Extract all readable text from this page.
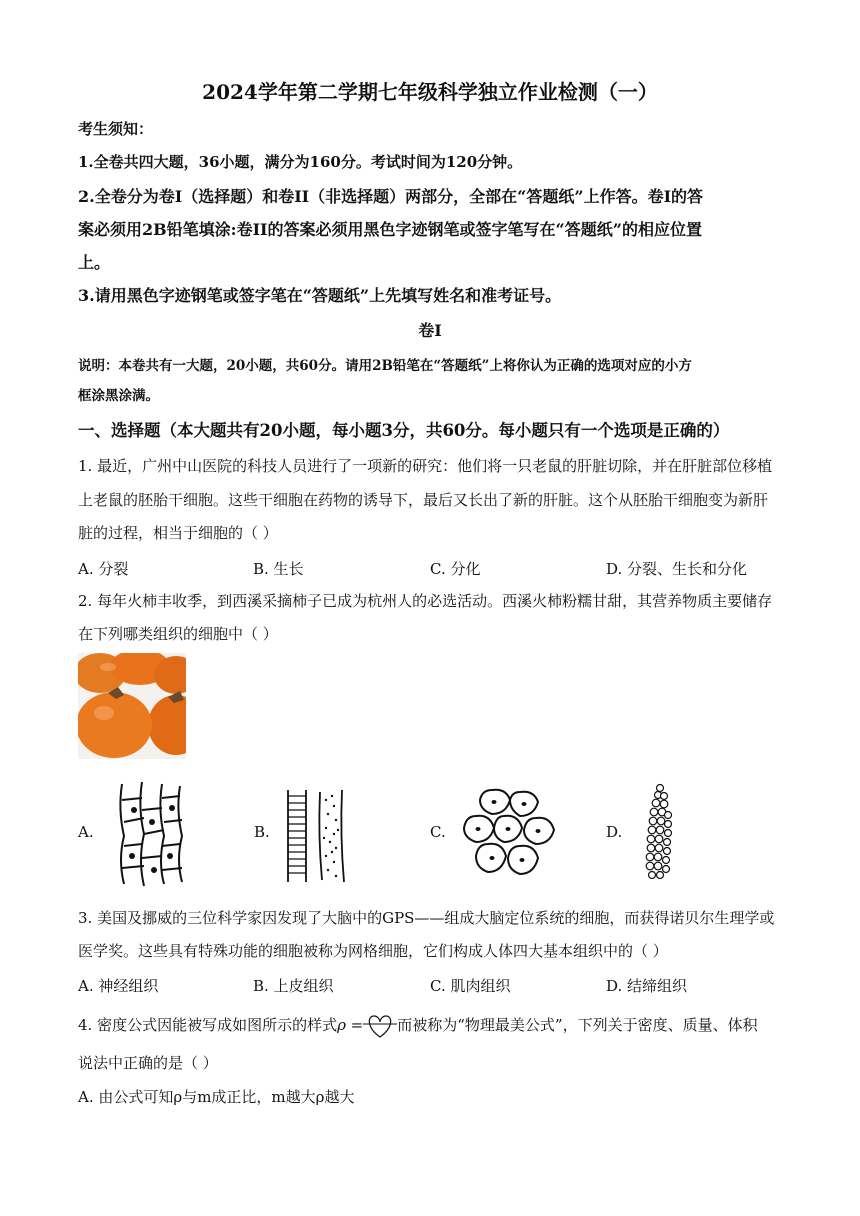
2024学年第二学期七年级科学独立作业检测（一）
考生须知：
1.全卷共四大题，36小题，满分为160分。考试时间为120分钟。
2.全卷分为卷I（选择题）和卷II（非选择题）两部分，全部在“答题纸”上作答。卷I的答
案必须用2B铅笔填涂:卷II的答案必须用黑色字迹钢笔或签字笔写在“答题纸”的相应位置
上。
3.请用黑色字迹钢笔或签字笔在“答题纸”上先填写姓名和准考证号。
卷I
说明：本卷共有一大题，20小题，共60分。请用2B铅笔在“答题纸”上将你认为正确的选项对应的小方
框涂黑涂满。
一、选择题（本大题共有20小题，每小题3分，共60分。每小题只有一个选项是正确的）
1. 最近，广州中山医院的科技人员进行了一项新的研究：他们将一只老鼠的肝脏切除，并在肝脏部位移植
上老鼠的胚胎干细胞。这些干细胞在药物的诱导下，最后又长出了新的肝脏。这个从胚胎干细胞变为新肝
脏的过程，相当于细胞的（ ）
A. 分裂	B. 生长	C. 分化	D. 分裂、生长和分化
2. 每年火柿丰收季，到西溪采摘柿子已成为杭州人的必选活动。西溪火柿粉糯甘甜，其营养物质主要储存
在下列哪类组织的细胞中（ ）
A.	B.	C.	D.
3. 美国及挪威的三位科学家因发现了大脑中的GPS——组成大脑定位系统的细胞，而获得诺贝尔生理学或
医学奖。这些具有特殊功能的细胞被称为网格细胞，它们构成人体四大基本组织中的（ ）
A. 神经组织	B. 上皮组织	C. 肌肉组织	D. 结缔组织
4. 密度公式因能被写成如图所示的样式ρ = 而被称为“物理最美公式”，下列关于密度、质量、体积
说法中正确的是（ ）
A. 由公式可知ρ与m成正比，m越大ρ越大
